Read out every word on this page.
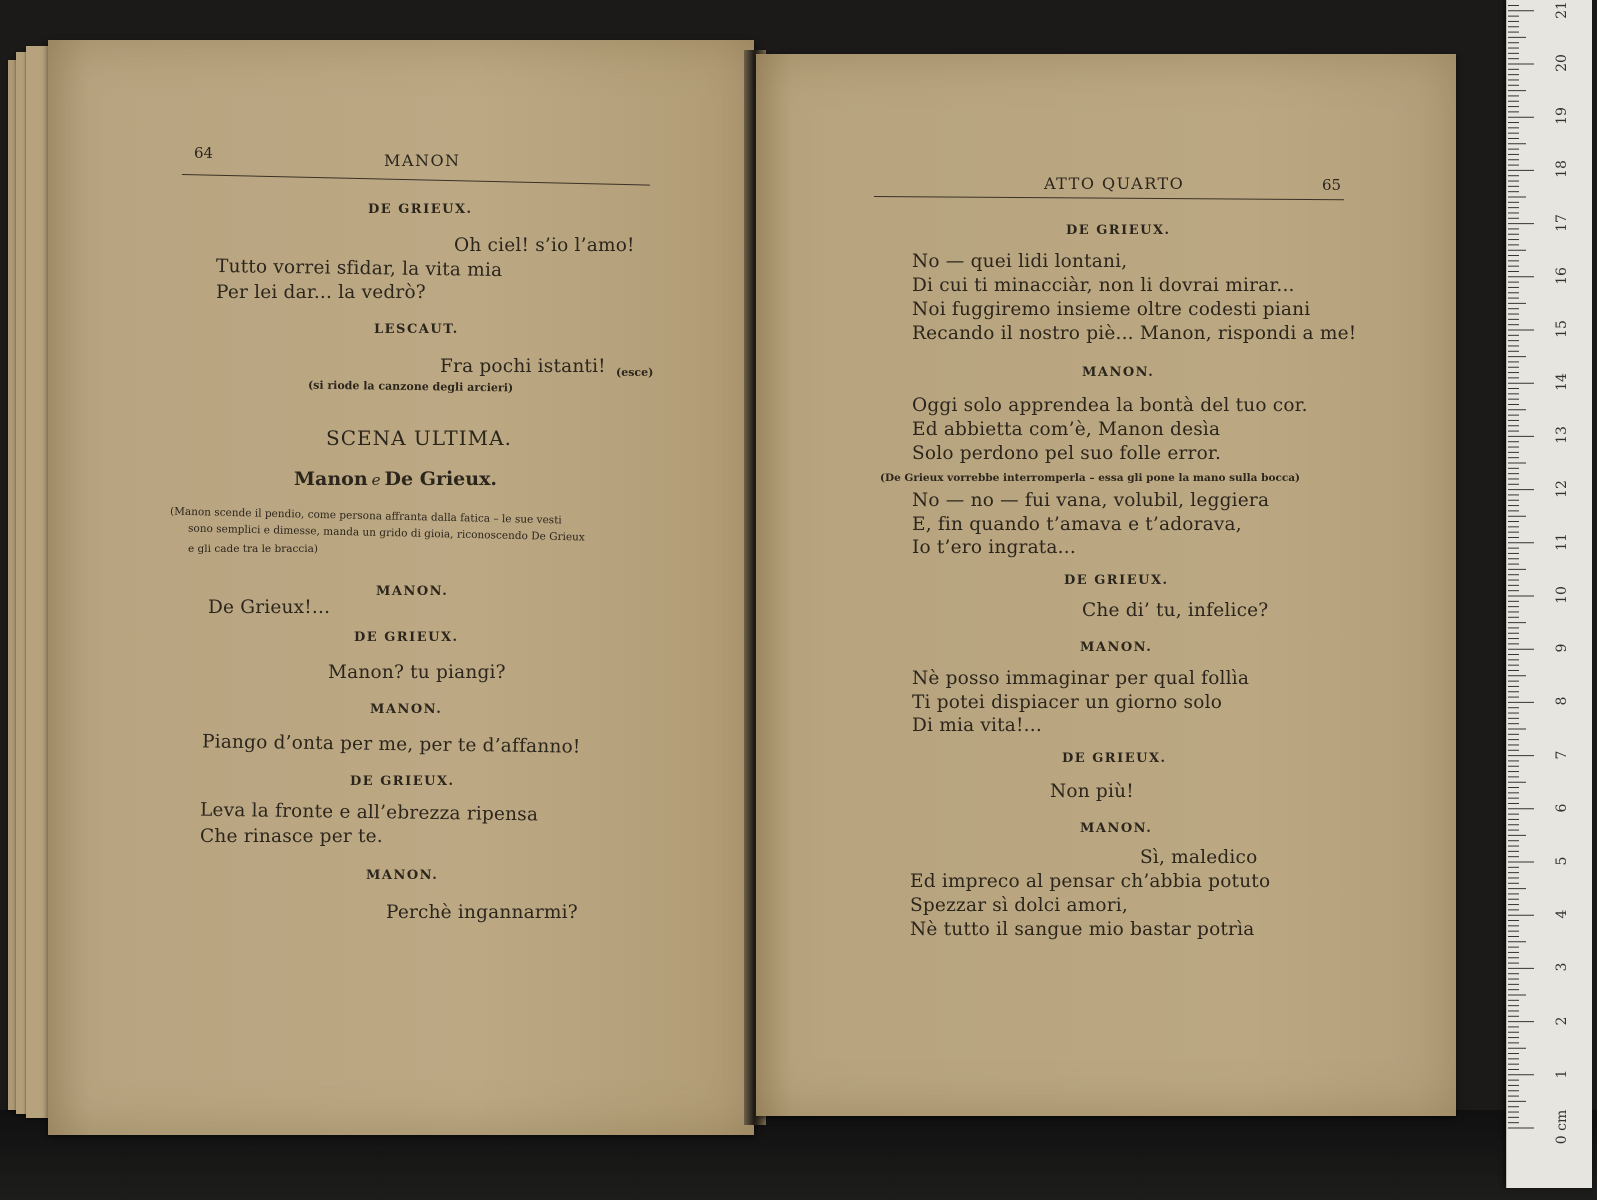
64	MANON
DE GRIEUX.
Oh ciel! s’io l’amo!
Tutto vorrei sfidar, la vita mia
Per lei dar... la vedrò?
LESCAUT.
Fra pochi istanti! (esce)
(si riode la canzone degli arcieri)
SCENA ULTIMA.
Manon e De Grieux.
(Manon scende il pendio, come persona affranta dalla fatica – le sue vesti
sono semplici e dimesse, manda un grido di gioia, riconoscendo De Grieux
e gli cade tra le braccia)
MANON.
De Grieux!...
DE GRIEUX.
Manon? tu piangi?
MANON.
Piango d’onta per me, per te d’affanno!
DE GRIEUX.
Leva la fronte e all’ebrezza ripensa
Che rinasce per te.
MANON.
Perchè ingannarmi?
ATTO QUARTO	65
DE GRIEUX.
No — quei lidi lontani,
Di cui ti minacciàr, non li dovrai mirar...
Noi fuggiremo insieme oltre codesti piani
Recando il nostro piè... Manon, rispondi a me!
MANON.
Oggi solo apprendea la bontà del tuo cor.
Ed abbietta com’è, Manon desìa
Solo perdono pel suo folle error.
(De Grieux vorrebbe interromperla – essa gli pone la mano sulla bocca)
No — no — fui vana, volubil, leggiera
E, fin quando t’amava e t’adorava,
Io t’ero ingrata...
DE GRIEUX.
Che di’ tu, infelice?
MANON.
Nè posso immaginar per qual follìa
Ti potei dispiacer un giorno solo
Di mia vita!...
DE GRIEUX.
Non più!
MANON.
Sì, maledico
Ed impreco al pensar ch’abbia potuto
Spezzar sì dolci amori,
Nè tutto il sangue mio bastar potrìa
0 cm
1
2
3
4
5
6
7
8
9
10
11
12
13
14
15
16
17
18
19
20
21
